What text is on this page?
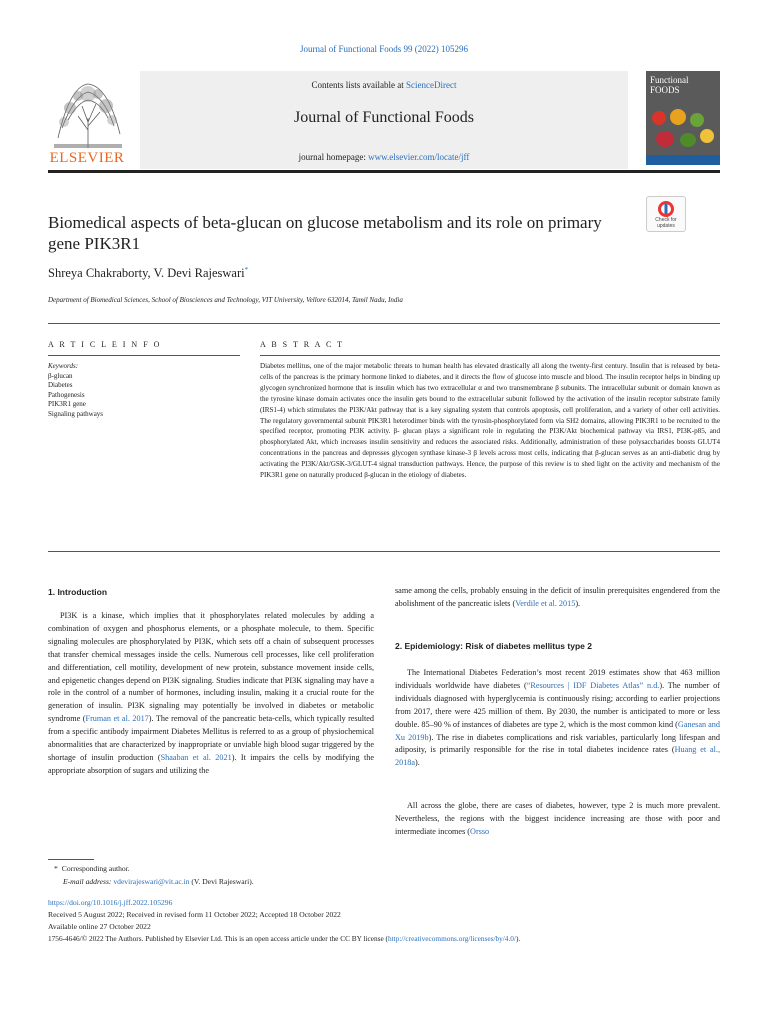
Journal of Functional Foods 99 (2022) 105296
ELSEVIER
Contents lists available at ScienceDirect
Journal of Functional Foods
journal homepage: www.elsevier.com/locate/jff
Functional FOODS
Check for updates
Biomedical aspects of beta-glucan on glucose metabolism and its role on primary gene PIK3R1
Shreya Chakraborty, V. Devi Rajeswari*
Department of Biomedical Sciences, School of Biosciences and Technology, VIT University, Vellore 632014, Tamil Nadu, India
A R T I C L E I N F O	A B S T R A C T
Keywords:
β-glucan
Diabetes
Pathogenesis
PIK3R1 gene
Signaling pathways
Diabetes mellitus, one of the major metabolic threats to human health has elevated drastically all along the twenty-first century. Insulin that is released by beta-cells of the pancreas is the primary hormone linked to diabetes, and it directs the flow of glucose into muscle and blood. The insulin receptor helps in binding up glycogen synchronized hormone that is insulin which has two extracellular α and two transmembrane β subunits. The intracellular subunit or domain known as the tyrosine kinase domain activates once the insulin gets bound to the extracellular subunit followed by the activation of the insulin receptor substrate family (IRS1-4) which stimulates the PI3K/Akt pathway that is a key signaling system that controls apoptosis, cell proliferation, and a variety of other cell activities. The regulatory governmental subunit PIK3R1 heterodimer binds with the tyrosin-phosphorylated form via SH2 domains, allowing PIK3R1 to be recruited to the specified receptor, promoting PI3K activity. β- glucan plays a significant role in regulating the PI3K/Akt biochemical pathway via IRS1, PI3K-p85, and phosphorylated Akt, which increases insulin sensitivity and reduces the associated risks. Additionally, administration of these polysaccharides boosts GLUT4 concentrations in the pancreas and depresses glycogen synthase kinase-3 β levels across most cells, indicating that β-glucan serves as an anti-diabetic drug by activating the PI3K/Akt/GSK-3/GLUT-4 signal transduction pathways. Hence, the purpose of this review is to shed light on the activity and mechanism of the PIK3R1 gene on naturally produced β-glucan in the etiology of diabetes.
1. Introduction
PI3K is a kinase, which implies that it phosphorylates related molecules by adding a combination of oxygen and phosphorus elements, or a phosphate molecule, to them. Specific signaling molecules are phosphorylated by PI3K, which sets off a chain of subsequent processes that transfer chemical messages inside the cells. Numerous cell processes, like cell proliferation and differentiation, cell motility, development of new protein, substance movement inside cells, and epigenetic changes depend on PI3K signaling. Studies indicate that PI3K signaling may have a role in the control of a number of hormones, including insulin, making it a crucial route for the generation of insulin. PI3K signaling may potentially be involved in diabetes or metabolic syndrome (Fruman et al. 2017). The removal of the pancreatic beta-cells, which typically resulted from a specific antibody impairment Diabetes Mellitus is referred to as a group of physiochemical abnormalities that are characterized by inappropriate or unviable high blood sugar triggered by the shortage of insulin production (Shaaban et al. 2021). It impairs the cells by modifying the appropriate absorption of sugars and utilizing the
same among the cells, probably ensuing in the deficit of insulin prerequisites engendered from the abolishment of the pancreatic islets (Verdile et al. 2015).
2. Epidemiology: Risk of diabetes mellitus type 2
The International Diabetes Federation’s most recent 2019 estimates show that 463 million individuals worldwide have diabetes (“Resources | IDF Diabetes Atlas” n.d.). The number of individuals diagnosed with hyperglycemia is continuously rising; according to earlier projections from 2017, there were 425 million of them. By 2030, the number is anticipated to more or less double. 85–90 % of instances of diabetes are type 2, which is the most common kind (Ganesan and Xu 2019b). The rise in diabetes complications and risk variables, particularly long lifespan and adiposity, is primarily responsible for the rise in total diabetes incidence rates (Huang et al., 2018a).
All across the globe, there are cases of diabetes, however, type 2 is much more prevalent. Nevertheless, the regions with the biggest incidence increasing are those with poor and intermediate incomes (Orsso
* Corresponding author.
E-mail address: vdevirajeswari@vit.ac.in (V. Devi Rajeswari).
https://doi.org/10.1016/j.jff.2022.105296
Received 5 August 2022; Received in revised form 11 October 2022; Accepted 18 October 2022
Available online 27 October 2022
1756-4646/© 2022 The Authors. Published by Elsevier Ltd. This is an open access article under the CC BY license (http://creativecommons.org/licenses/by/4.0/).
